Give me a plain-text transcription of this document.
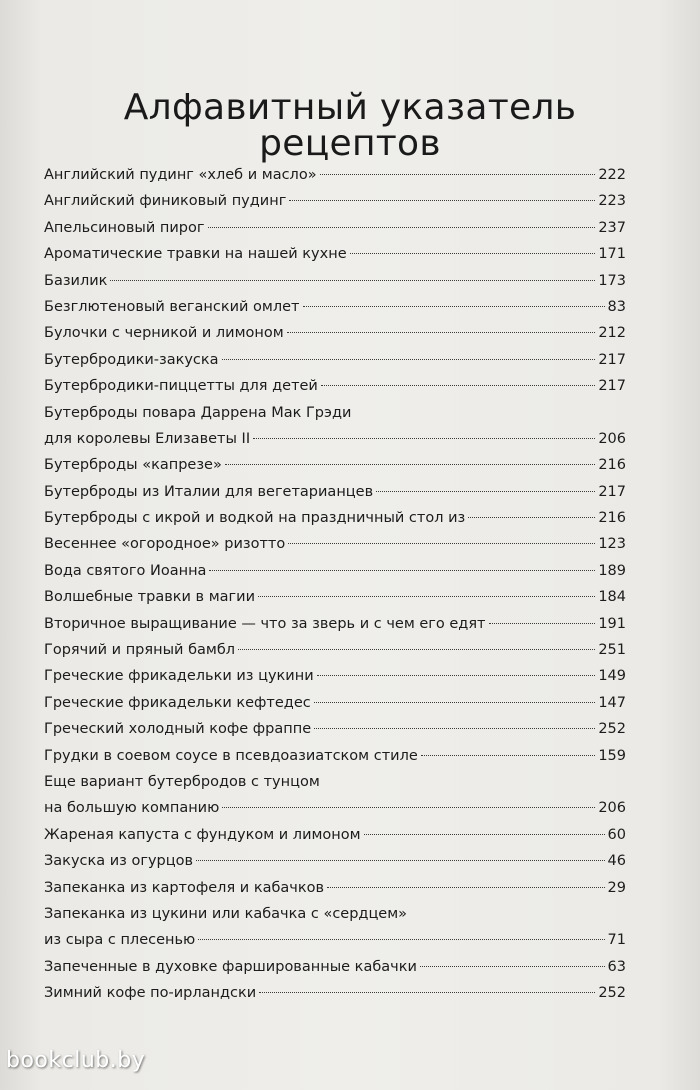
Алфавитный указатель
рецептов
Английский пудинг «хлеб и масло»	222
Английский финиковый пудинг	223
Апельсиновый пирог	237
Ароматические травки на нашей кухне	171
Базилик	173
Безглютеновый веганский омлет	83
Булочки с черникой и лимоном	212
Бутербродики-закуска	217
Бутербродики-пиццетты для детей	217
Бутерброды повара Дарренa Мак Грэди
для королевы Елизаветы II	206
Бутерброды «капрезе»	216
Бутерброды из Италии для вегетарианцев	217
Бутерброды с икрой и водкой на праздничный стол из	216
Весеннее «огородное» ризотто	123
Вода святого Иоанна	189
Волшебные травки в магии	184
Вторичное выращивание — что за зверь и с чем его едят	191
Горячий и пряный бамбл	251
Греческие фрикадельки из цукини	149
Греческие фрикадельки кефтедес	147
Греческий холодный кофе фраппе	252
Грудки в соевом соусе в псевдоазиатском стиле	159
Еще вариант бутербродов с тунцом
на большую компанию	206
Жареная капуста с фундуком и лимоном	60
Закуска из огурцов	46
Запеканка из картофеля и кабачков	29
Запеканка из цукини или кабачка с «сердцем»
из сыра с плесенью	71
Запеченные в духовке фаршированные кабачки	63
Зимний кофе по-ирландски	252
bookclub.by
